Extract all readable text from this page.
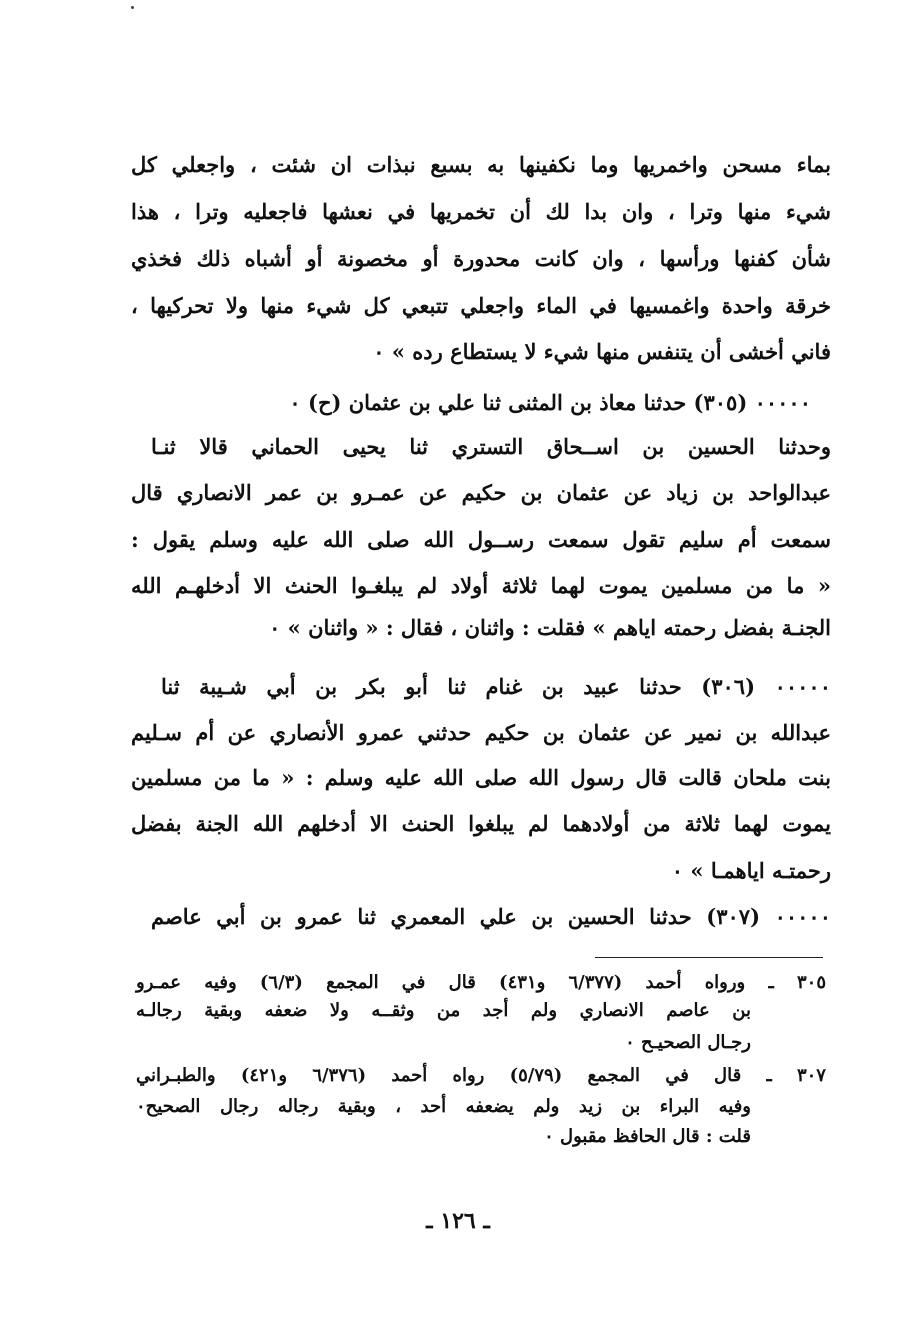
بماء مسحن واخمريها وما نكفينها به بسبع نبذات ان شئت ، واجعلي كل
شيء منها وترا ، وان بدا لك أن تخمريها في نعشها فاجعليه وترا ، هذا
شأن كفنها ورأسها ، وان كانت محدورة أو مخصونة أو أشباه ذلك فخذي
خرقة واحدة واغمسيها في الماء واجعلي تتبعي كل شيء منها ولا تحركيها ،
فاني أخشى أن يتنفس منها شيء لا يستطاع رده » ٠
٠٠٠٠٠ (٣٠٥) حدثنا معاذ بن المثنى ثنا علي بن عثمان (ح) ٠
وحدثنا الحسين بن اســحاق التستري ثنا يحيى الحماني قالا ثنـا
عبدالواحد بن زياد عن عثمان بن حكيم عن عمـرو بن عمر الانصاري قال
سمعت أم سليم تقول سمعت رســول الله صلى الله عليه وسلم يقول :
« ما من مسلمين يموت لهما ثلاثة أولاد لم يبلغـوا الحنث الا أدخلهـم الله
الجنـة بفضل رحمته اياهم » فقلت : واثنان ، فقال : « واثنان » ٠
٠٠٠٠٠ (٣٠٦) حدثنا عبيد بن غنام ثنا أبو بكر بن أبي شـيبة ثنا
عبدالله بن نمير عن عثمان بن حكيم حدثني عمرو الأنصاري عن أم سـليم
بنت ملحان قالت قال رسول الله صلى الله عليه وسلم : « ما من مسلمين
يموت لهما ثلاثة من أولادهما لم يبلغوا الحنث الا أدخلهم الله الجنة بفضل
رحمتـه اياهمـا » ٠
٠٠٠٠٠ (٣٠٧) حدثنا الحسين بن علي المعمري ثنا عمرو بن أبي عاصم
٣٠٥ ـ ورواه أحمد (٦/٣٧٧ و٤٣١) قال في المجمع (٦/٣) وفيه عمـرو
بن عاصم الانصاري ولم أجد من وثقــه ولا ضعفه وبقية رجالـه
رجـال الصحيـح ٠
٣٠٧ ـ قال في المجمع (٥/٧٩) رواه أحمد (٦/٣٧٦ و٤٢١) والطبـراني
وفيه البراء بن زيد ولم يضعفه أحد ، وبقية رجاله رجال الصحيح٠
قلت : قال الحافظ مقبول ٠
ـ ١٢٦ ـ
